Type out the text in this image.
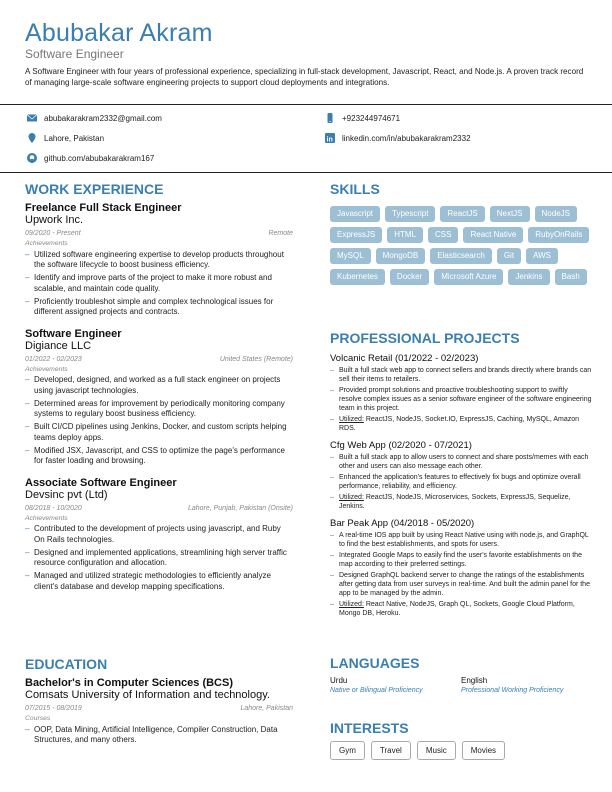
Abubakar Akram
Software Engineer
A Software Engineer with four years of professional experience, specializing in full-stack development, Javascript, React, and Node.js. A proven track record of managing large-scale software engineering projects to support cloud deployments and integrations.
abubakarakram2332@gmail.com
Lahore, Pakistan
github.com/abubakarakram167
+923244974671
in linkedin.com/in/abubakarakram2332
WORK EXPERIENCE
Freelance Full Stack Engineer
Upwork Inc.
09/2020 - Present	Remote
Achievements
– Utilized software engineering expertise to develop products throughout the software lifecycle to boost business efficiency.
– Identify and improve parts of the project to make it more robust and scalable, and maintain code quality.
– Proficiently troubleshot simple and complex technological issues for different assigned projects and contracts.
Software Engineer
Digiance LLC
01/2022 - 02/2023	United States (Remote)
Achievements
– Developed, designed, and worked as a full stack engineer on projects using javascript technologies.
– Determined areas for improvement by periodically monitoring company systems to regulary boost business efficiency.
– Built CI/CD pipelines using Jenkins, Docker, and custom scripts helping teams deploy apps.
– Modified JSX, Javascript, and CSS to optimize the page's performance for faster loading and browsing.
Associate Software Engineer
Devsinc pvt (Ltd)
08/2018 - 10/2020	Lahore, Punjab, Pakistan (Onsite)
Achievements
– Contributed to the development of projects using javascript, and Ruby On Rails technologies.
– Designed and implemented applications, streamlining high server traffic resource configuration and allocation.
– Managed and utilized strategic methodologies to efficiently analyze client's database and develop mapping specifications.
EDUCATION
Bachelor's in Computer Sciences (BCS)
Comsats University of Information and technology.
07/2015 - 08/2019	Lahore, Pakistan
Courses
– OOP, Data Mining, Artificial Intelligence, Compiler Construction, Data Structures, and many others.
SKILLS
Javascript	Typescript	ReactJS	NextJS	NodeJS
ExpressJS	HTML	CSS	React Native	RubyOnRails
MySQL	MongoDB	Elasticsearch	Git	AWS
Kubernetes	Docker	Microsoft Azure	Jenkins	Bash
PROFESSIONAL PROJECTS
Volcanic Retail (01/2022 - 02/2023)
– Built a full stack web app to connect sellers and brands directly where brands can sell their items to retailers.
– Provided prompt solutions and proactive troubleshooting support to swiftly resolve complex issues as a senior software engineer of the software engineering team in this project.
– Utilized: ReactJS, NodeJS, Socket.IO, ExpressJS, Caching, MySQL, Amazon RDS.
Cfg Web App (02/2020 - 07/2021)
– Built a full stack app to allow users to connect and share posts/memes with each other and users can also message each other.
– Enhanced the application's features to effectively fix bugs and optimize overall performance, reliability, and efficiency.
– Utilized: ReactJS, NodeJS, Microservices, Sockets, ExpressJS, Sequelize, Jenkins.
Bar Peak App (04/2018 - 05/2020)
– A real-time IOS app built by using React Native using with node.js, and GraphQL to find the best establishments, and spots for users.
– Integrated Google Maps to easily find the user's favorite establishments on the map according to their preferred settings.
– Designed GraphQL backend server to change the ratings of the establishments after getting data from user surveys in real-time. And built the admin panel for the app to be managed by the admin.
– Utilized: React Native, NodeJS, Graph QL, Sockets, Google Cloud Platform, Mongo DB, Heroku.
LANGUAGES
Urdu
Native or Bilingual Proficiency
English
Professional Working Proficiency
INTERESTS
Gym	Travel	Music	Movies
